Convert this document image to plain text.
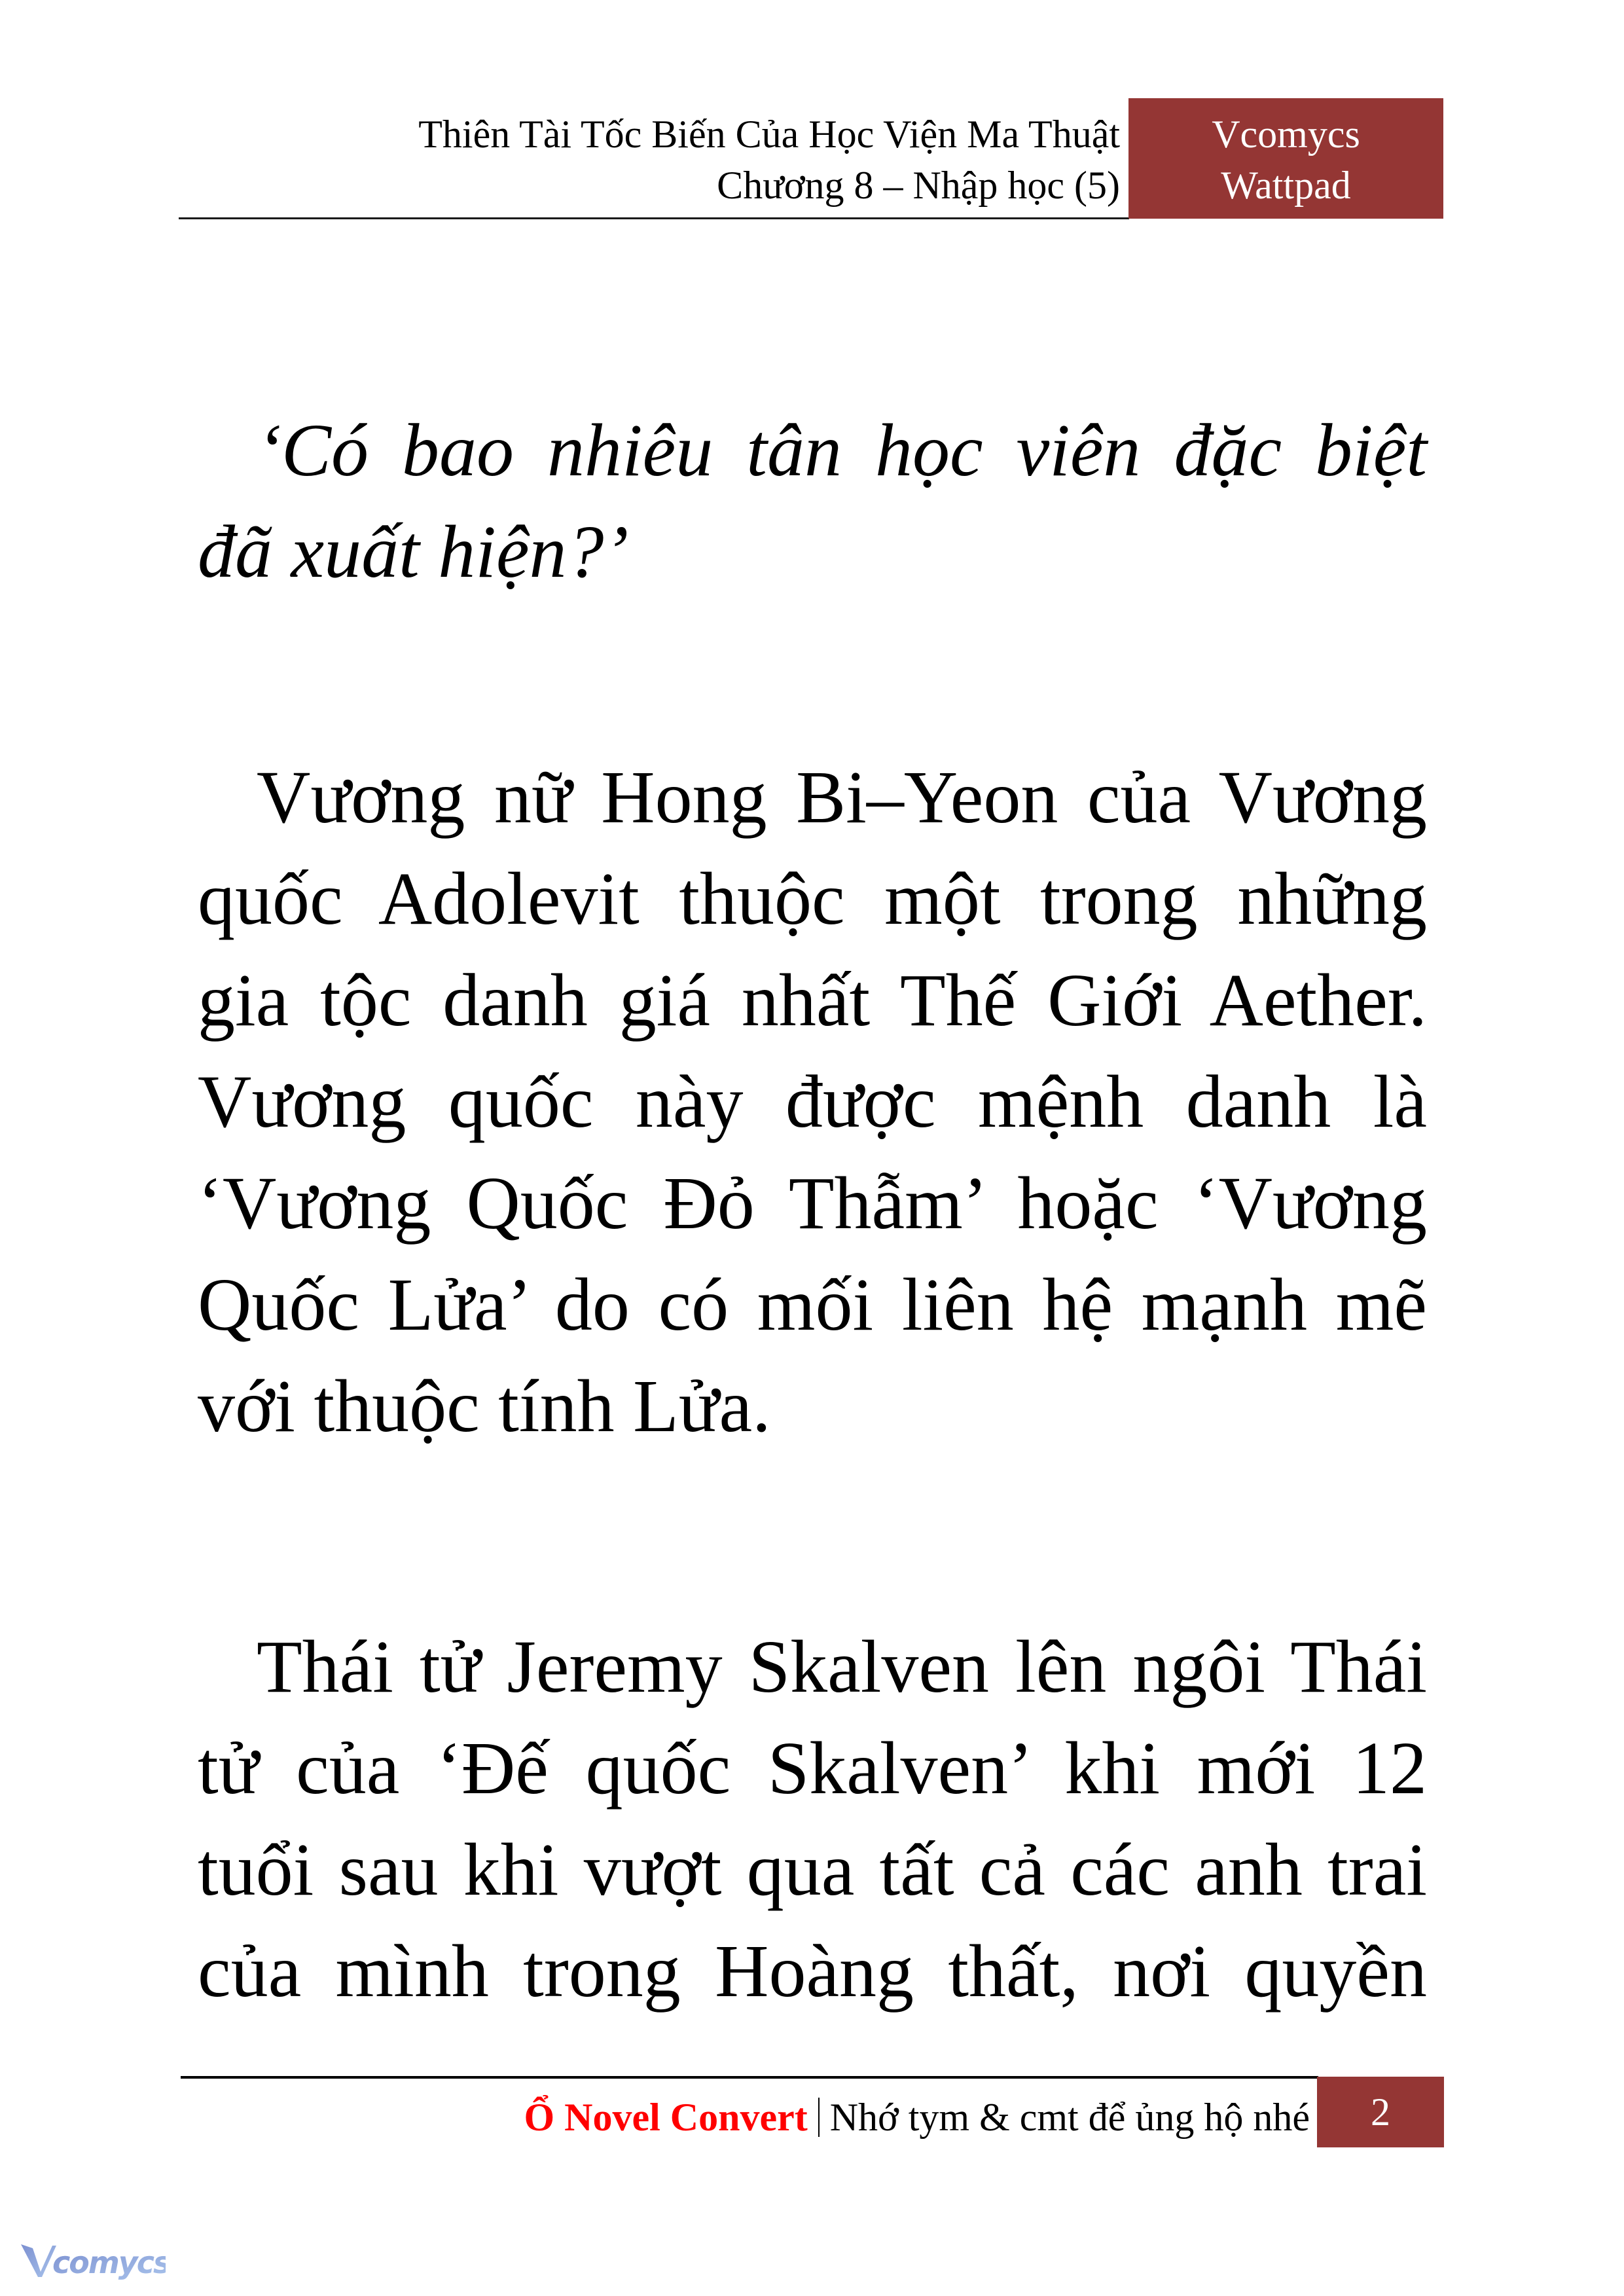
Thiên Tài Tốc Biến Của Học Viện Ma Thuật
Chương 8 – Nhập học (5)
Vcomycs
Wattpad
‘Có bao nhiêu tân học viên đặc biệt
đã xuất hiện?’
Vương nữ Hong Bi–Yeon của Vương
quốc Adolevit thuộc một trong những
gia tộc danh giá nhất Thế Giới Aether.
Vương quốc này được mệnh danh là
‘Vương Quốc Đỏ Thẫm’ hoặc ‘Vương
Quốc Lửa’ do có mối liên hệ mạnh mẽ
với thuộc tính Lửa.
Thái tử Jeremy Skalven lên ngôi Thái
tử của ‘Đế quốc Skalven’ khi mới 12
tuổi sau khi vượt qua tất cả các anh trai
của mình trong Hoàng thất, nơi quyền
Ổ Novel Convert Nhớ tym & cmt để ủng hộ nhé	2
comycs
